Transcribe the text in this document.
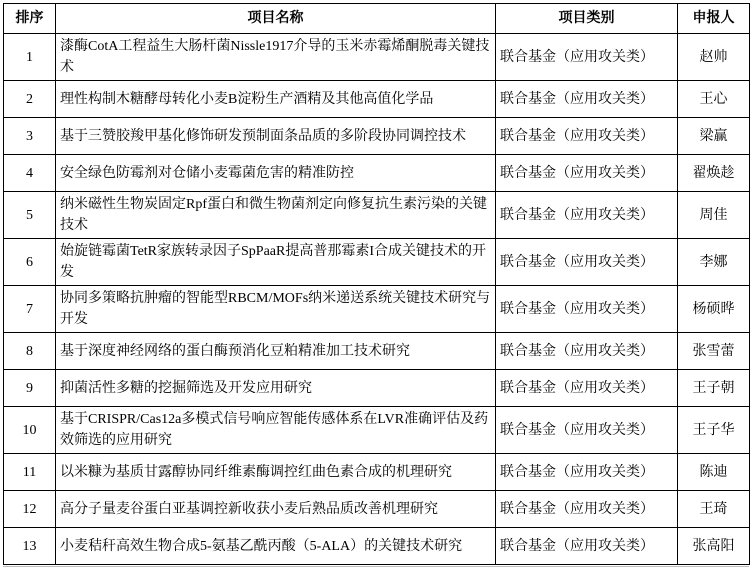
排序	项目名称	项目类别	申报人
1	漆酶CotA工程益生大肠杆菌Nissle1917介导的玉米赤霉烯酮脱毒关键技术	联合基金（应用攻关类）	赵帅
2	理性构制木糖酵母转化小麦B淀粉生产酒精及其他高值化学品	联合基金（应用攻关类）	王心
3	基于三赞胶羧甲基化修饰研发预制面条品质的多阶段协同调控技术	联合基金（应用攻关类）	梁赢
4	安全绿色防霉剂对仓储小麦霉菌危害的精准防控	联合基金（应用攻关类）	翟焕趁
5	纳米磁性生物炭固定Rpf蛋白和微生物菌剂定向修复抗生素污染的关键技术	联合基金（应用攻关类）	周佳
6	始旋链霉菌TetR家族转录因子SpPaaR提高普那霉素I合成关键技术的开发	联合基金（应用攻关类）	李娜
7	协同多策略抗肿瘤的智能型RBCM/MOFs纳米递送系统关键技术研究与开发	联合基金（应用攻关类）	杨硕晔
8	基于深度神经网络的蛋白酶预消化豆粕精准加工技术研究	联合基金（应用攻关类）	张雪蕾
9	抑菌活性多糖的挖掘筛选及开发应用研究	联合基金（应用攻关类）	王子朝
10	基于CRISPR/Cas12a多模式信号响应智能传感体系在LVR准确评估及药效筛选的应用研究	联合基金（应用攻关类）	王子华
11	以米糠为基质甘露醇协同纤维素酶调控红曲色素合成的机理研究	联合基金（应用攻关类）	陈迪
12	高分子量麦谷蛋白亚基调控新收获小麦后熟品质改善机理研究	联合基金（应用攻关类）	王琦
13	小麦秸秆高效生物合成5-氨基乙酰丙酸（5-ALA）的关键技术研究	联合基金（应用攻关类）	张高阳
